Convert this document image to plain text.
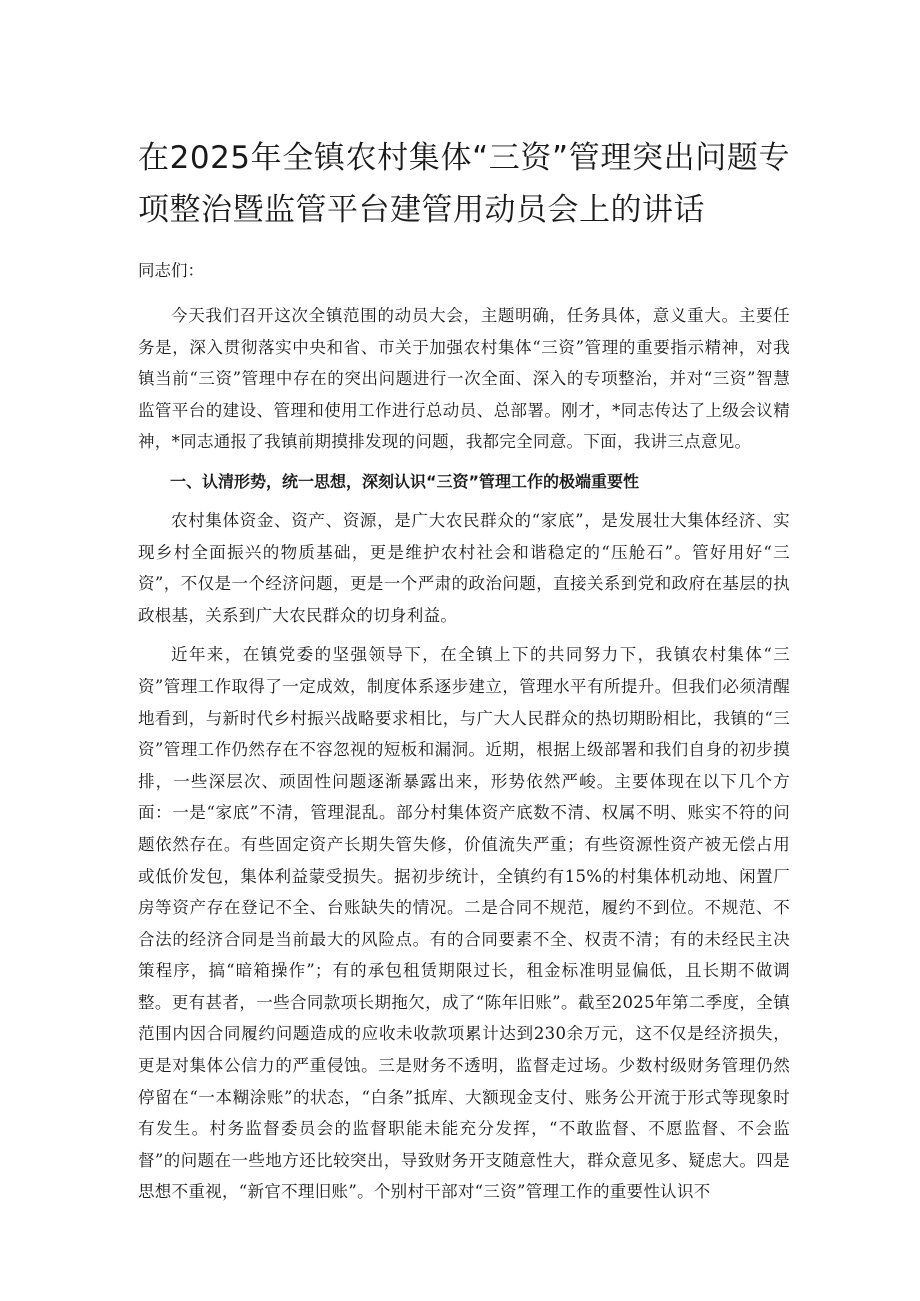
在2025年全镇农村集体“三资”管理突出问题专项整治暨监管平台建管用动员会上的讲话

同志们：

今天我们召开这次全镇范围的动员大会，主题明确，任务具体，意义重大。主要任务是，深入贯彻落实中央和省、市关于加强农村集体“三资”管理的重要指示精神，对我镇当前“三资”管理中存在的突出问题进行一次全面、深入的专项整治，并对“三资”智慧监管平台的建设、管理和使用工作进行总动员、总部署。刚才，*同志传达了上级会议精神，*同志通报了我镇前期摸排发现的问题，我都完全同意。下面，我讲三点意见。

一、认清形势，统一思想，深刻认识“三资”管理工作的极端重要性

农村集体资金、资产、资源，是广大农民群众的“家底”，是发展壮大集体经济、实现乡村全面振兴的物质基础，更是维护农村社会和谐稳定的“压舱石”。管好用好“三资”，不仅是一个经济问题，更是一个严肃的政治问题，直接关系到党和政府在基层的执政根基，关系到广大农民群众的切身利益。

近年来，在镇党委的坚强领导下，在全镇上下的共同努力下，我镇农村集体“三资”管理工作取得了一定成效，制度体系逐步建立，管理水平有所提升。但我们必须清醒地看到，与新时代乡村振兴战略要求相比，与广大人民群众的热切期盼相比，我镇的“三资”管理工作仍然存在不容忽视的短板和漏洞。近期，根据上级部署和我们自身的初步摸排，一些深层次、顽固性问题逐渐暴露出来，形势依然严峻。主要体现在以下几个方面：一是“家底”不清，管理混乱。部分村集体资产底数不清、权属不明、账实不符的问题依然存在。有些固定资产长期失管失修，价值流失严重；有些资源性资产被无偿占用或低价发包，集体利益蒙受损失。据初步统计，全镇约有15%的村集体机动地、闲置厂房等资产存在登记不全、台账缺失的情况。二是合同不规范，履约不到位。不规范、不合法的经济合同是当前最大的风险点。有的合同要素不全、权责不清；有的未经民主决策程序，搞“暗箱操作”；有的承包租赁期限过长，租金标准明显偏低，且长期不做调整。更有甚者，一些合同款项长期拖欠，成了“陈年旧账”。截至2025年第二季度，全镇范围内因合同履约问题造成的应收未收款项累计达到230余万元，这不仅是经济损失，更是对集体公信力的严重侵蚀。三是财务不透明，监督走过场。少数村级财务管理仍然停留在“一本糊涂账”的状态，“白条”抵库、大额现金支付、账务公开流于形式等现象时有发生。村务监督委员会的监督职能未能充分发挥，“不敢监督、不愿监督、不会监督”的问题在一些地方还比较突出，导致财务开支随意性大，群众意见多、疑虑大。四是思想不重视，“新官不理旧账”。个别村干部对“三资”管理工作的重要性认识不
